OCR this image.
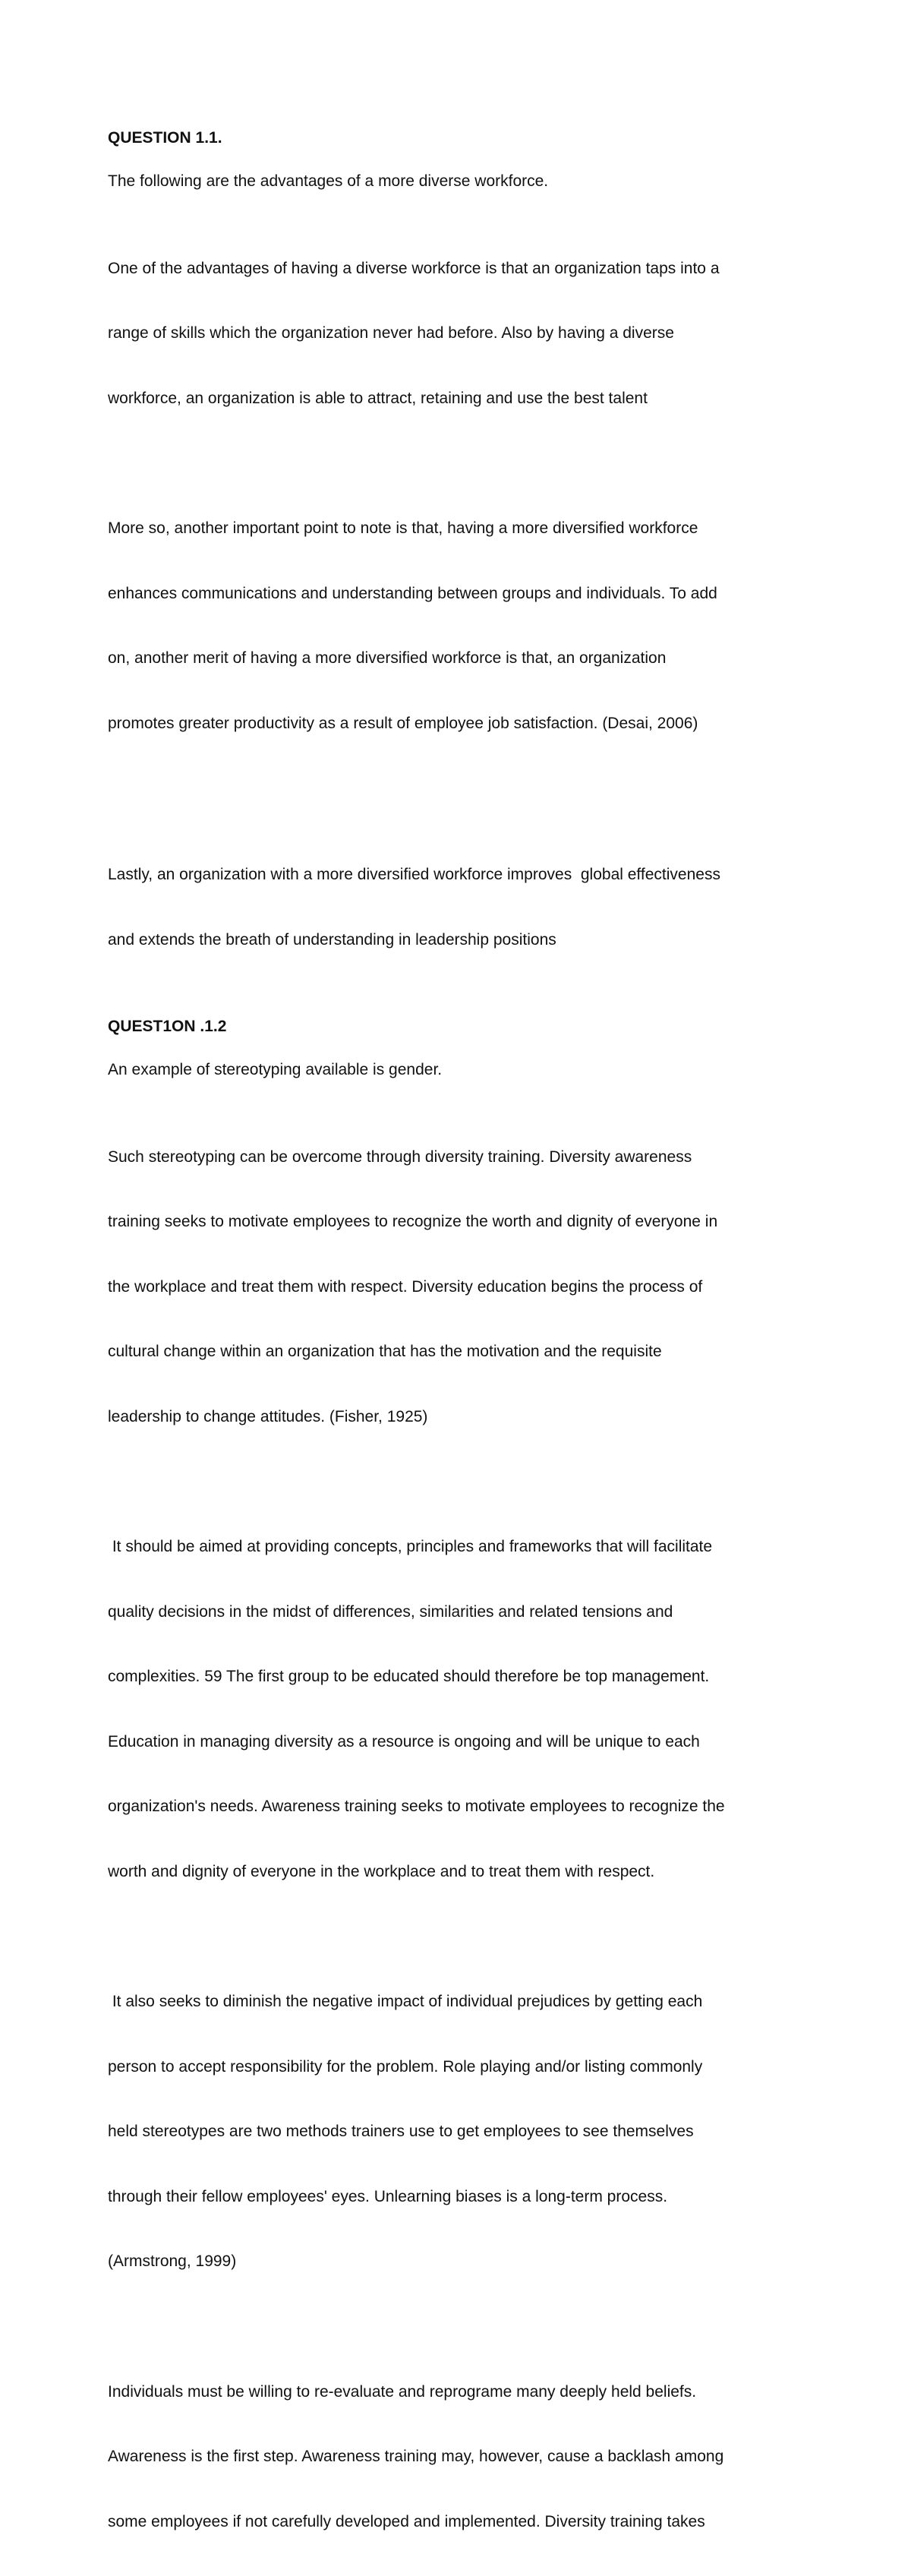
QUESTION 1.1.

The following are the advantages of a more diverse workforce.

One of the advantages of having a diverse workforce is that an organization taps into a

range of skills which the organization never had before. Also by having a diverse

workforce, an organization is able to attract, retaining and use the best talent

More so, another important point to note is that, having a more diversified workforce

enhances communications and understanding between groups and individuals. To add

on, another merit of having a more diversified workforce is that, an organization

promotes greater productivity as a result of employee job satisfaction. (Desai, 2006)

Lastly, an organization with a more diversified workforce improves  global effectiveness

and extends the breath of understanding in leadership positions

QUEST1ON .1.2

An example of stereotyping available is gender.

Such stereotyping can be overcome through diversity training. Diversity awareness

training seeks to motivate employees to recognize the worth and dignity of everyone in

the workplace and treat them with respect. Diversity education begins the process of

cultural change within an organization that has the motivation and the requisite

leadership to change attitudes. (Fisher, 1925)

It should be aimed at providing concepts, principles and frameworks that will facilitate

quality decisions in the midst of differences, similarities and related tensions and

complexities. 59 The first group to be educated should therefore be top management.

Education in managing diversity as a resource is ongoing and will be unique to each

organization's needs. Awareness training seeks to motivate employees to recognize the

worth and dignity of everyone in the workplace and to treat them with respect.

It also seeks to diminish the negative impact of individual prejudices by getting each

person to accept responsibility for the problem. Role playing and/or listing commonly

held stereotypes are two methods trainers use to get employees to see themselves

through their fellow employees' eyes. Unlearning biases is a long-term process.

(Armstrong, 1999)

Individuals must be willing to re-evaluate and reprograme many deeply held beliefs.

Awareness is the first step. Awareness training may, however, cause a backlash among

some employees if not carefully developed and implemented. Diversity training takes
